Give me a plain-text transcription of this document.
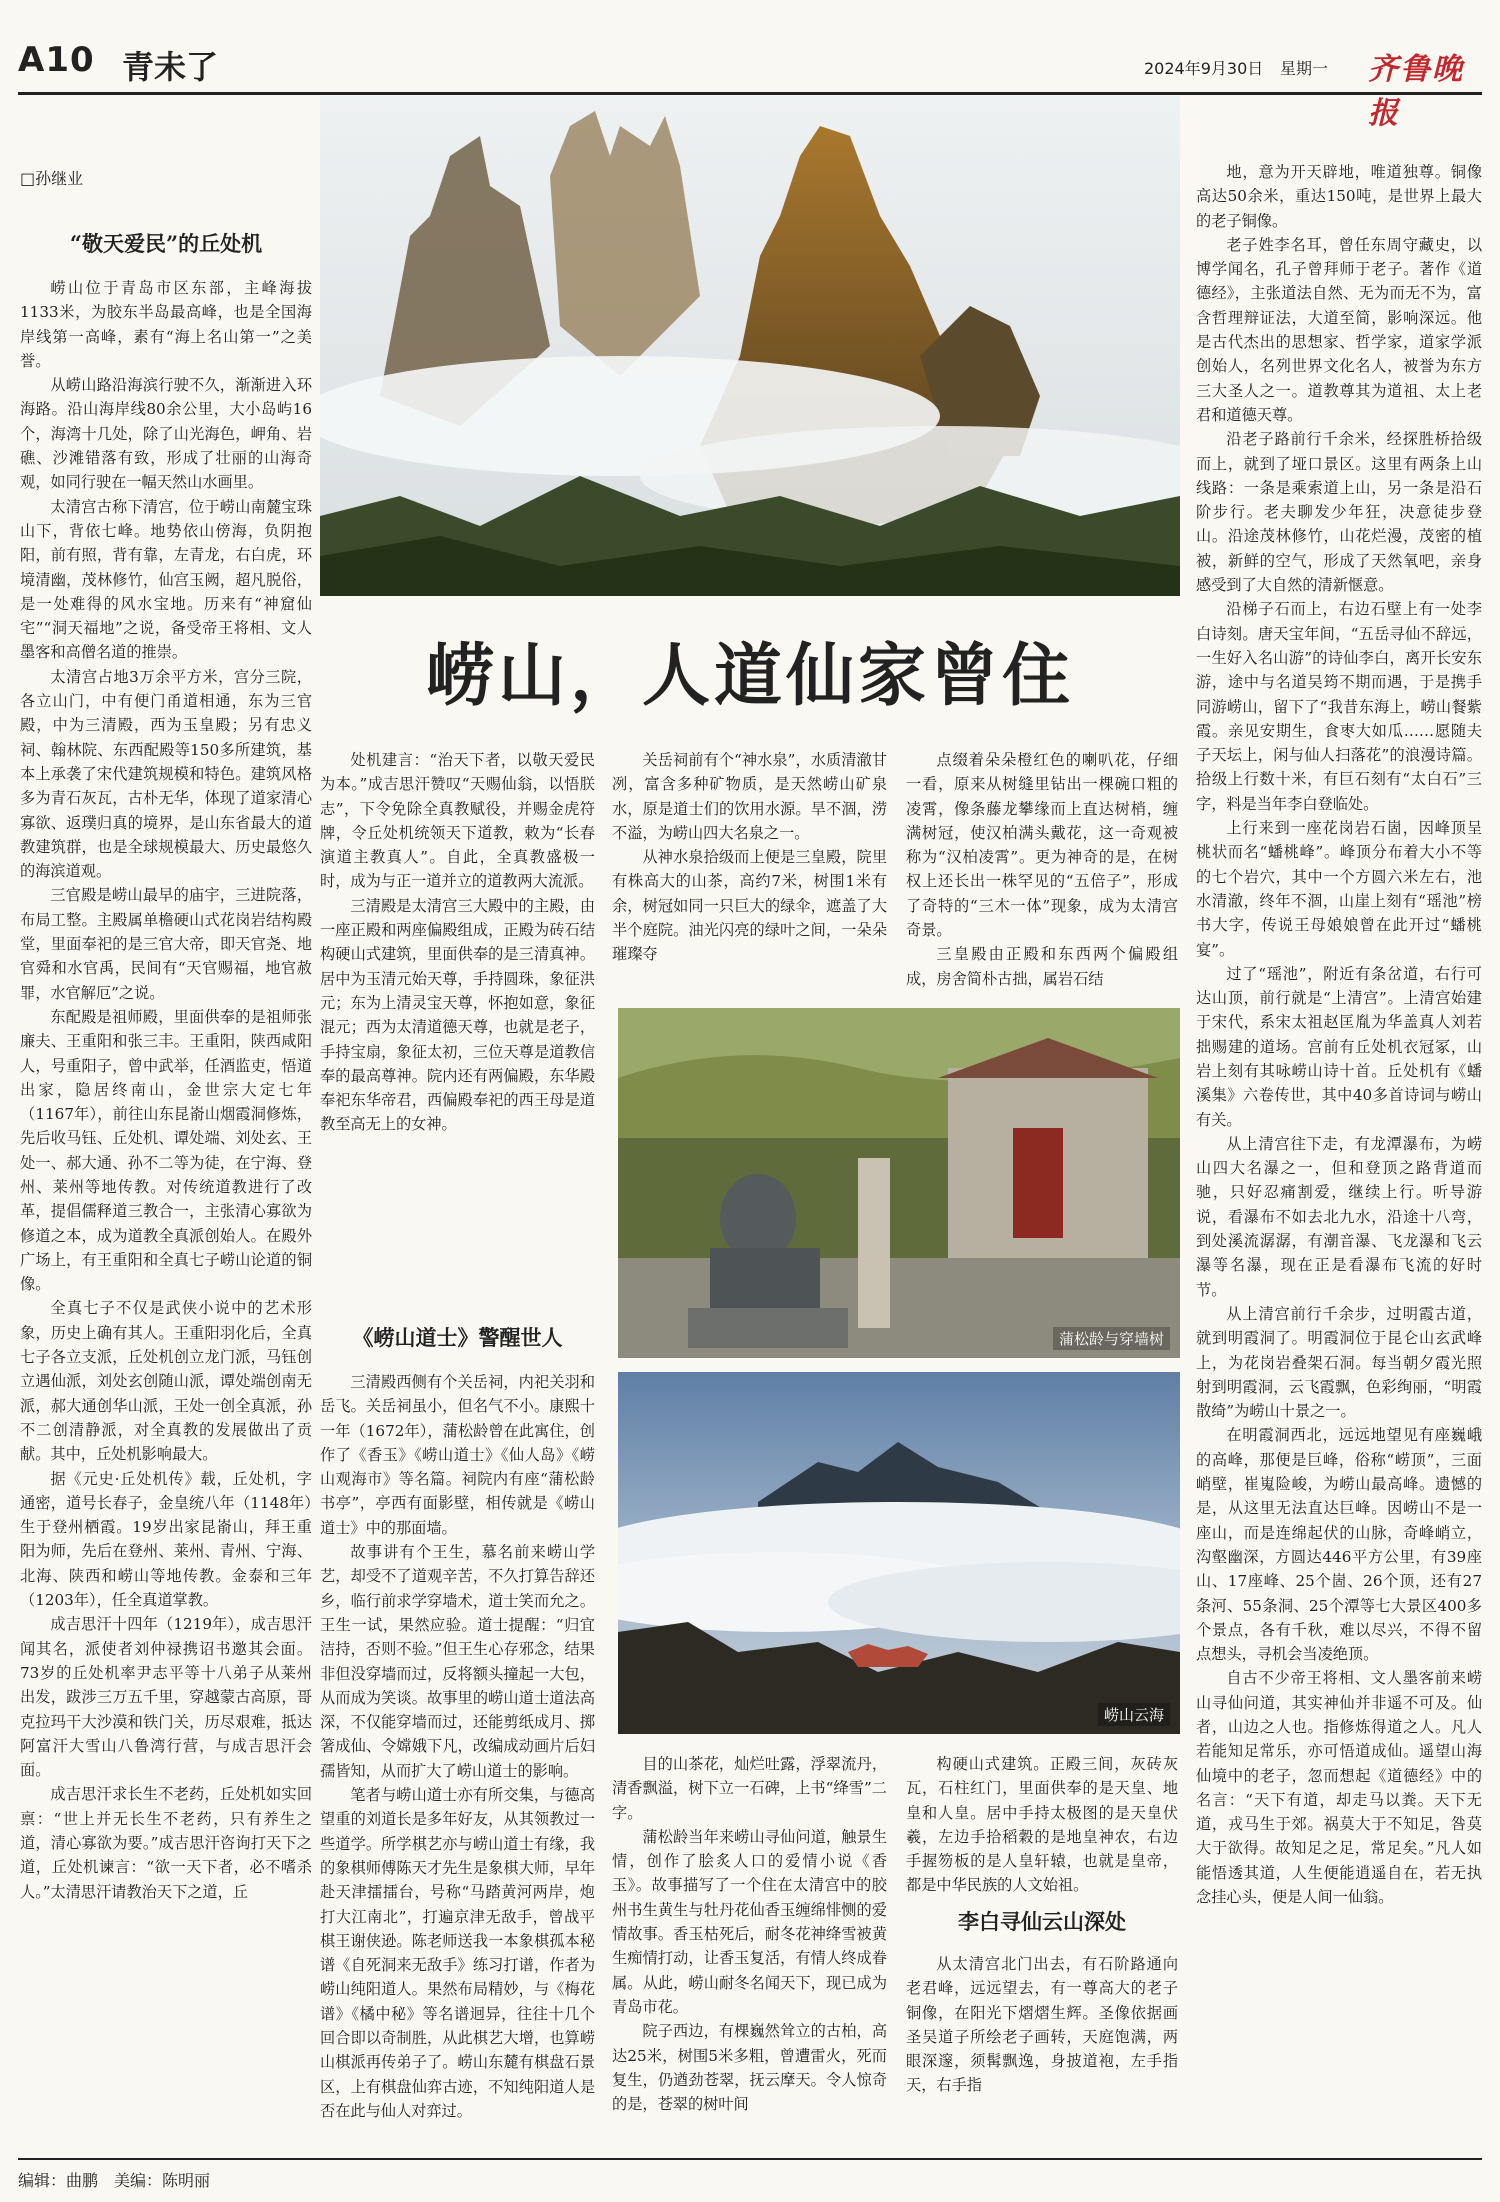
A10 青未了	2024年9月30日 星期一 齐鲁晚报
□孙继业
“敬天爱民”的丘处机

崂山位于青岛市区东部，主峰海拔1133米，为胶东半岛最高峰，也是全国海岸线第一高峰，素有“海上名山第一”之美誉。

从崂山路沿海滨行驶不久，渐渐进入环海路。沿山海岸线80余公里，大小岛屿16个，海湾十几处，除了山光海色，岬角、岩礁、沙滩错落有致，形成了壮丽的山海奇观，如同行驶在一幅天然山水画里。

太清宫古称下清宫，位于崂山南麓宝珠山下，背依七峰。地势依山傍海，负阴抱阳，前有照，背有靠，左青龙，右白虎，环境清幽，茂林修竹，仙宫玉阙，超凡脱俗，是一处难得的风水宝地。历来有“神窟仙宅”“洞天福地”之说，备受帝王将相、文人墨客和高僧名道的推崇。

太清宫占地3万余平方米，宫分三院，各立山门，中有便门甬道相通，东为三官殿，中为三清殿，西为玉皇殿；另有忠义祠、翰林院、东西配殿等150多所建筑，基本上承袭了宋代建筑规模和特色。建筑风格多为青石灰瓦，古朴无华，体现了道家清心寡欲、返璞归真的境界，是山东省最大的道教建筑群，也是全球规模最大、历史最悠久的海滨道观。

三官殿是崂山最早的庙宇，三进院落，布局工整。主殿属单檐硬山式花岗岩结构殿堂，里面奉祀的是三官大帝，即天官尧、地官舜和水官禹，民间有“天官赐福，地官赦罪，水官解厄”之说。

东配殿是祖师殿，里面供奉的是祖师张廉夫、王重阳和张三丰。王重阳，陕西咸阳人，号重阳子，曾中武举，任酒监吏，悟道出家，隐居终南山，金世宗大定七年（1167年），前往山东昆嵛山烟霞洞修炼，先后收马钰、丘处机、谭处端、刘处玄、王处一、郝大通、孙不二等为徒，在宁海、登州、莱州等地传教。对传统道教进行了改革，提倡儒释道三教合一，主张清心寡欲为修道之本，成为道教全真派创始人。在殿外广场上，有王重阳和全真七子崂山论道的铜像。

全真七子不仅是武侠小说中的艺术形象，历史上确有其人。王重阳羽化后，全真七子各立支派，丘处机创立龙门派，马钰创立遇仙派，刘处玄创随山派，谭处端创南无派，郝大通创华山派，王处一创全真派，孙不二创清静派，对全真教的发展做出了贡献。其中，丘处机影响最大。

据《元史·丘处机传》载，丘处机，字通密，道号长春子，金皇统八年（1148年）生于登州栖霞。19岁出家昆嵛山，拜王重阳为师，先后在登州、莱州、青州、宁海、北海、陕西和崂山等地传教。金泰和三年（1203年），任全真道掌教。

成吉思汗十四年（1219年），成吉思汗闻其名，派使者刘仲禄携诏书邀其会面。73岁的丘处机率尹志平等十八弟子从莱州出发，跋涉三万五千里，穿越蒙古高原，哥克拉玛干大沙漠和铁门关，历尽艰难，抵达阿富汗大雪山八鲁湾行营，与成吉思汗会面。

成吉思汗求长生不老药，丘处机如实回禀：“世上并无长生不老药，只有养生之道，清心寡欲为要。”成吉思汗咨询打天下之道，丘处机谏言：“欲一天下者，必不嗜杀人。”太清思汗请教治天下之道，丘

崂山，人道仙家曾住

处机建言：“治天下者，以敬天爱民为本。”成吉思汗赞叹“天赐仙翁，以悟朕志”，下令免除全真教赋役，并赐金虎符牌，令丘处机统领天下道教，敕为“长春演道主教真人”。自此，全真教盛极一时，成为与正一道并立的道教两大流派。

三清殿是太清宫三大殿中的主殿，由一座正殿和两座偏殿组成，正殿为砖石结构硬山式建筑，里面供奉的是三清真神。居中为玉清元始天尊，手持圆珠，象征洪元；东为上清灵宝天尊，怀抱如意，象征混元；西为太清道德天尊，也就是老子，手持宝扇，象征太初，三位天尊是道教信奉的最高尊神。院内还有两偏殿，东华殿奉祀东华帝君，西偏殿奉祀的西王母是道教至高无上的女神。

《崂山道士》警醒世人

三清殿西侧有个关岳祠，内祀关羽和岳飞。关岳祠虽小，但名气不小。康熙十一年（1672年），蒲松龄曾在此寓住，创作了《香玉》《崂山道士》《仙人岛》《崂山观海市》等名篇。祠院内有座“蒲松龄书亭”，亭西有面影壁，相传就是《崂山道士》中的那面墙。

故事讲有个王生，慕名前来崂山学艺，却受不了道观辛苦，不久打算告辞还乡，临行前求学穿墙术，道士笑而允之。王生一试，果然应验。道士提醒：“归宜洁持，否则不验。”但王生心存邪念，结果非但没穿墙而过，反将额头撞起一大包，从而成为笑谈。故事里的崂山道士道法高深，不仅能穿墙而过，还能剪纸成月、掷箸成仙、令嫦娥下凡，改编成动画片后妇孺皆知，从而扩大了崂山道士的影响。

笔者与崂山道士亦有所交集，与德高望重的刘道长是多年好友，从其领教过一些道学。所学棋艺亦与崂山道士有缘，我的象棋师傅陈天才先生是象棋大师，早年赴天津擂擂台，号称“马踏黄河两岸，炮打大江南北”，打遍京津无敌手，曾战平棋王谢侠逊。陈老师送我一本象棋孤本秘谱《自死洞来无敌手》练习打谱，作者为崂山纯阳道人。果然布局精妙，与《梅花谱》《橘中秘》等名谱迥异，往往十几个回合即以奇制胜，从此棋艺大增，也算崂山棋派再传弟子了。崂山东麓有棋盘石景区，上有棋盘仙弈古迹，不知纯阳道人是否在此与仙人对弈过。

关岳祠前有个“神水泉”，水质清澈甘冽，富含多种矿物质，是天然崂山矿泉水，原是道士们的饮用水源。旱不涸，涝不溢，为崂山四大名泉之一。

从神水泉拾级而上便是三皇殿，院里有株高大的山茶，高约7米，树围1米有余，树冠如同一只巨大的绿伞，遮盖了大半个庭院。油光闪亮的绿叶之间，一朵朵璀璨夺

点缀着朵朵橙红色的喇叭花，仔细一看，原来从树缝里钻出一棵碗口粗的凌霄，像条藤龙攀缘而上直达树梢，缠满树冠，使汉柏满头戴花，这一奇观被称为“汉柏凌霄”。更为神奇的是，在树权上还长出一株罕见的“五倍子”，形成了奇特的“三木一体”现象，成为太清宫奇景。

三皇殿由正殿和东西两个偏殿组成，房舍简朴古拙，属岩石结

蒲松龄与穿墙树
崂山云海

目的山茶花，灿烂吐露，浮翠流丹，清香飘溢，树下立一石碑，上书“绛雪”二字。

蒲松龄当年来崂山寻仙问道，触景生情，创作了脍炙人口的爱情小说《香玉》。故事描写了一个住在太清宫中的胶州书生黄生与牡丹花仙香玉缠绵悱恻的爱情故事。香玉枯死后，耐冬花神绛雪被黄生痴情打动，让香玉复活，有情人终成眷属。从此，崂山耐冬名闻天下，现已成为青岛市花。

院子西边，有棵巍然耸立的古柏，高达25米，树围5米多粗，曾遭雷火，死而复生，仍遒劲苍翠，抚云摩天。令人惊奇的是，苍翠的树叶间

构硬山式建筑。正殿三间，灰砖灰瓦，石柱红门，里面供奉的是天皇、地皇和人皇。居中手持太极图的是天皇伏羲，左边手拾稻穀的是地皇神农，右边手握笏板的是人皇轩辕，也就是皇帝，都是中华民族的人文始祖。

李白寻仙云山深处

从太清宫北门出去，有石阶路通向老君峰，远远望去，有一尊高大的老子铜像，在阳光下熠熠生辉。圣像依据画圣吴道子所绘老子画转，天庭饱满，两眼深邃，须髯飘逸，身披道袍，左手指天，右手指

地，意为开天辟地，唯道独尊。铜像高达50余米，重达150吨，是世界上最大的老子铜像。

老子姓李名耳，曾任东周守藏史，以博学闻名，孔子曾拜师于老子。著作《道德经》，主张道法自然、无为而无不为，富含哲理辩证法，大道至简，影响深远。他是古代杰出的思想家、哲学家，道家学派创始人，名列世界文化名人，被誉为东方三大圣人之一。道教尊其为道祖、太上老君和道德天尊。

沿老子路前行千余米，经探胜桥拾级而上，就到了垭口景区。这里有两条上山线路：一条是乘索道上山，另一条是沿石阶步行。老夫聊发少年狂，决意徒步登山。沿途茂林修竹，山花烂漫，茂密的植被，新鲜的空气，形成了天然氧吧，亲身感受到了大自然的清新惬意。

沿梯子石而上，右边石壁上有一处李白诗刻。唐天宝年间，“五岳寻仙不辞远，一生好入名山游”的诗仙李白，离开长安东游，途中与名道吴筠不期而遇，于是携手同游崂山，留下了“我昔东海上，崂山餐紫霞。亲见安期生，食枣大如瓜……愿随夫子天坛上，闲与仙人扫落花”的浪漫诗篇。拾级上行数十米，有巨石刻有“太白石”三字，料是当年李白登临处。

上行来到一座花岗岩石崮，因峰顶呈桃状而名“蟠桃峰”。峰顶分布着大小不等的七个岩穴，其中一个方圆六米左右，池水清澈，终年不涸，山崖上刻有“瑶池”榜书大字，传说王母娘娘曾在此开过“蟠桃宴”。

过了“瑶池”，附近有条岔道，右行可达山顶，前行就是“上清宫”。上清宫始建于宋代，系宋太祖赵匡胤为华盖真人刘若拙赐建的道场。宫前有丘处机衣冠冢，山岩上刻有其咏崂山诗十首。丘处机有《蟠溪集》六卷传世，其中40多首诗词与崂山有关。

从上清宫往下走，有龙潭瀑布，为崂山四大名瀑之一，但和登顶之路背道而驰，只好忍痛割爱，继续上行。听导游说，看瀑布不如去北九水，沿途十八弯，到处溪流潺潺，有潮音瀑、飞龙瀑和飞云瀑等名瀑，现在正是看瀑布飞流的好时节。

从上清宫前行千余步，过明霞古道，就到明霞洞了。明霞洞位于昆仑山玄武峰上，为花岗岩叠架石洞。每当朝夕霞光照射到明霞洞，云飞霞飘，色彩绚丽，“明霞散绮”为崂山十景之一。

在明霞洞西北，远远地望见有座巍峨的高峰，那便是巨峰，俗称“崂顶”，三面峭壁，崔嵬险峻，为崂山最高峰。遗憾的是，从这里无法直达巨峰。因崂山不是一座山，而是连绵起伏的山脉，奇峰峭立，沟壑幽深，方圆达446平方公里，有39座山、17座峰、25个崮、26个顶，还有27条河、55条洞、25个潭等七大景区400多个景点，各有千秋，难以尽兴，不得不留点想头，寻机会当凌绝顶。

自古不少帝王将相、文人墨客前来崂山寻仙问道，其实神仙并非遥不可及。仙者，山边之人也。指修炼得道之人。凡人若能知足常乐，亦可悟道成仙。遥望山海仙境中的老子，忽而想起《道德经》中的名言：“天下有道，却走马以粪。天下无道，戎马生于郊。祸莫大于不知足，咎莫大于欲得。故知足之足，常足矣。”凡人如能悟透其道，人生便能逍遥自在，若无执念挂心头，便是人间一仙翁。

编辑：曲鹏　美编：陈明丽
